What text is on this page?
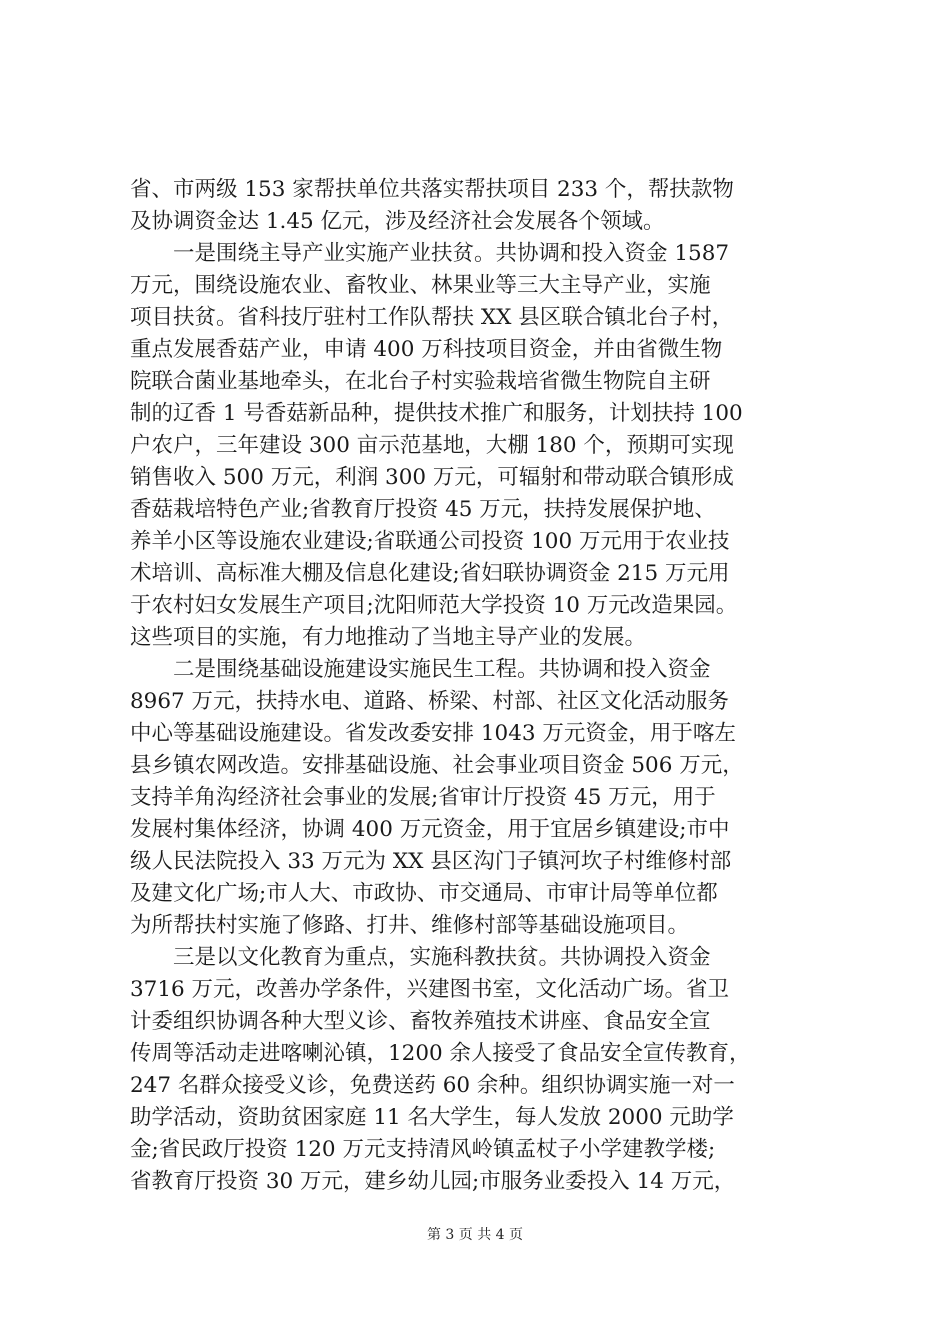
省、市两级 153 家帮扶单位共落实帮扶项目 233 个，帮扶款物
及协调资金达 1.45 亿元，涉及经济社会发展各个领域。
一是围绕主导产业实施产业扶贫。共协调和投入资金 1587
万元，围绕设施农业、畜牧业、林果业等三大主导产业，实施
项目扶贫。省科技厅驻村工作队帮扶 XX 县区联合镇北台子村，
重点发展香菇产业，申请 400 万科技项目资金，并由省微生物
院联合菌业基地牵头，在北台子村实验栽培省微生物院自主研
制的辽香 1 号香菇新品种，提供技术推广和服务，计划扶持 100
户农户，三年建设 300 亩示范基地，大棚 180 个，预期可实现
销售收入 500 万元，利润 300 万元，可辐射和带动联合镇形成
香菇栽培特色产业;省教育厅投资 45 万元，扶持发展保护地、
养羊小区等设施农业建设;省联通公司投资 100 万元用于农业技
术培训、高标准大棚及信息化建设;省妇联协调资金 215 万元用
于农村妇女发展生产项目;沈阳师范大学投资 10 万元改造果园。
这些项目的实施，有力地推动了当地主导产业的发展。
二是围绕基础设施建设实施民生工程。共协调和投入资金
8967 万元，扶持水电、道路、桥梁、村部、社区文化活动服务
中心等基础设施建设。省发改委安排 1043 万元资金，用于喀左
县乡镇农网改造。安排基础设施、社会事业项目资金 506 万元，
支持羊角沟经济社会事业的发展;省审计厅投资 45 万元，用于
发展村集体经济，协调 400 万元资金，用于宜居乡镇建设;市中
级人民法院投入 33 万元为 XX 县区沟门子镇河坎子村维修村部
及建文化广场;市人大、市政协、市交通局、市审计局等单位都
为所帮扶村实施了修路、打井、维修村部等基础设施项目。
三是以文化教育为重点，实施科教扶贫。共协调投入资金
3716 万元，改善办学条件，兴建图书室，文化活动广场。省卫
计委组织协调各种大型义诊、畜牧养殖技术讲座、食品安全宣
传周等活动走进喀喇沁镇，1200 余人接受了食品安全宣传教育，
247 名群众接受义诊，免费送药 60 余种。组织协调实施一对一
助学活动，资助贫困家庭 11 名大学生，每人发放 2000 元助学
金;省民政厅投资 120 万元支持清风岭镇孟杖子小学建教学楼;
省教育厅投资 30 万元，建乡幼儿园;市服务业委投入 14 万元，
第 3 页 共 4 页
